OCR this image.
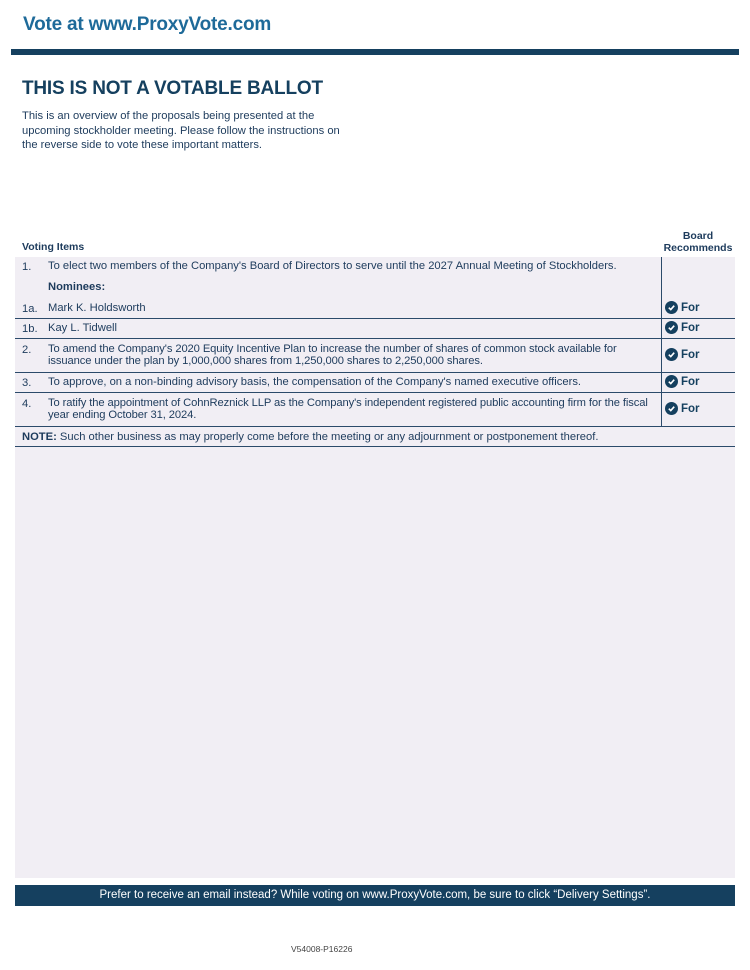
Vote at www.ProxyVote.com
THIS IS NOT A VOTABLE BALLOT
This is an overview of the proposals being presented at the
upcoming stockholder meeting. Please follow the instructions on
the reverse side to vote these important matters.
Voting Items
Board
Recommends
1. To elect two members of the Company's Board of Directors to serve until the 2027 Annual Meeting of Stockholders.
Nominees:
1a. Mark K. Holdsworth	For
1b. Kay L. Tidwell	For
2. To amend the Company's 2020 Equity Incentive Plan to increase the number of shares of common stock available for issuance under the plan by 1,000,000 shares from 1,250,000 shares to 2,250,000 shares.	For
3. To approve, on a non-binding advisory basis, the compensation of the Company's named executive officers.	For
4. To ratify the appointment of CohnReznick LLP as the Company's independent registered public accounting firm for the fiscal year ending October 31, 2024.	For
NOTE: Such other business as may properly come before the meeting or any adjournment or postponement thereof.
Prefer to receive an email instead? While voting on www.ProxyVote.com, be sure to click “Delivery Settings”.
V54008-P16226
